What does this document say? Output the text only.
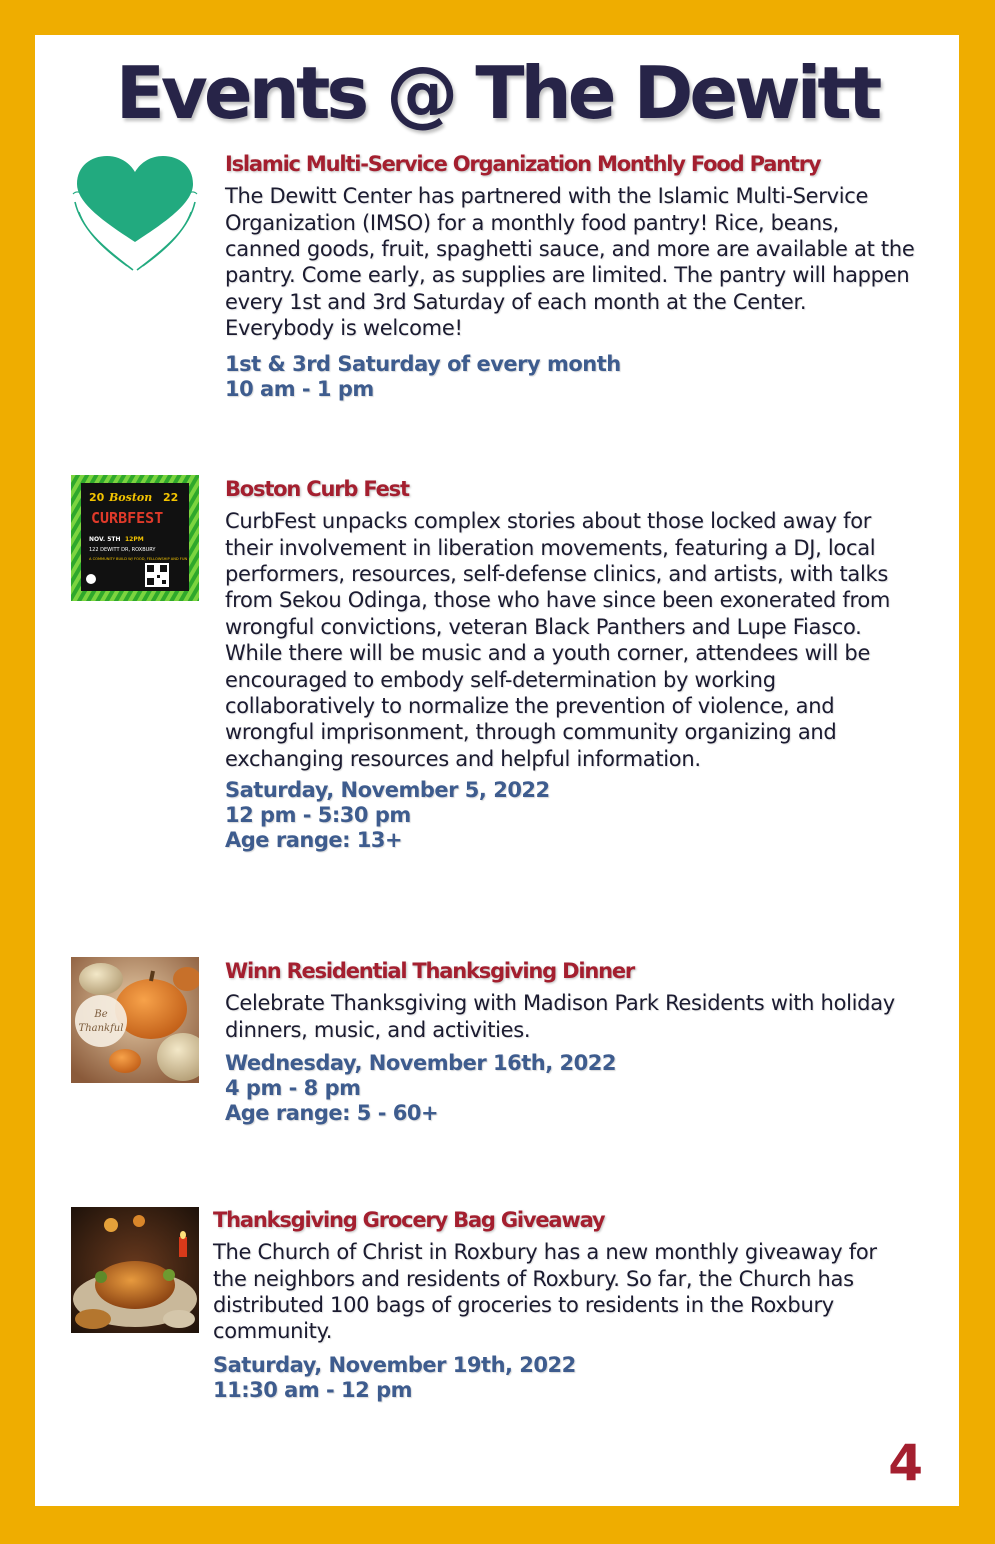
Events @ The Dewitt
Islamic Multi-Service Organization Monthly Food Pantry

The Dewitt Center has partnered with the Islamic Multi-Service Organization (IMSO) for a monthly food pantry! Rice, beans, canned goods, fruit, spaghetti sauce, and more are available at the pantry. Come early, as supplies are limited. The pantry will happen every 1st and 3rd Saturday of each month at the Center. Everybody is welcome!

1st & 3rd Saturday of every month
10 am - 1 pm
20 Boston 22
CURBFEST
NOV. 5TH 12PM
122 DEWITT DR, ROXBURY
A COMMUNITY BUILD W/ FOOD, FELLOWSHIP AND FUN
Boston Curb Fest

CurbFest unpacks complex stories about those locked away for their involvement in liberation movements, featuring a DJ, local performers, resources, self-defense clinics, and artists, with talks from Sekou Odinga, those who have since been exonerated from wrongful convictions, veteran Black Panthers and Lupe Fiasco. While there will be music and a youth corner, attendees will be encouraged to embody self-determination by working collaboratively to normalize the prevention of violence, and wrongful imprisonment, through community organizing and exchanging resources and helpful information.

Saturday, November 5, 2022
12 pm - 5:30 pm
Age range: 13+
Be
Thankful
Winn Residential Thanksgiving Dinner

Celebrate Thanksgiving with Madison Park Residents with holiday dinners, music, and activities.

Wednesday, November 16th, 2022
4 pm - 8 pm
Age range: 5 - 60+
Thanksgiving Grocery Bag Giveaway

The Church of Christ in Roxbury has a new monthly giveaway for the neighbors and residents of Roxbury. So far, the Church has distributed 100 bags of groceries to residents in the Roxbury community.

Saturday, November 19th, 2022
11:30 am - 12 pm
4
